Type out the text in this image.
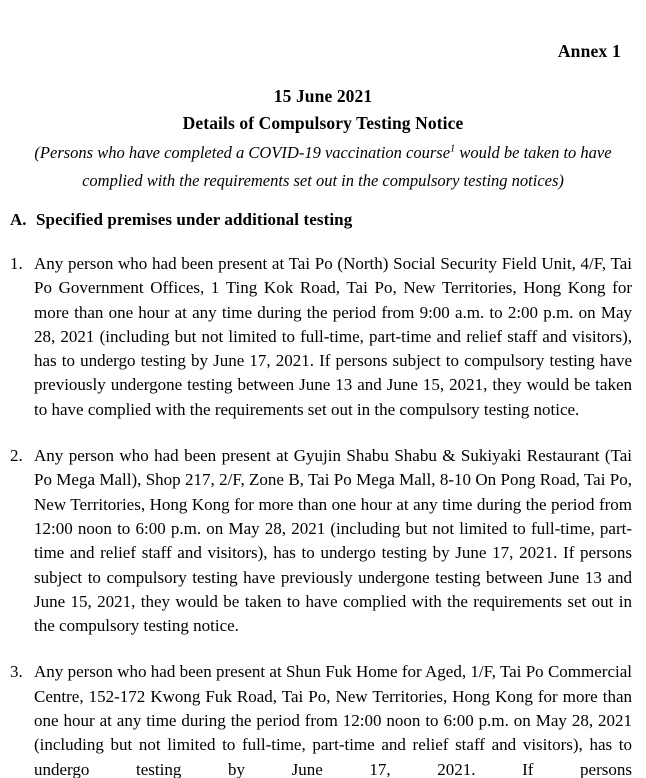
Annex 1
15 June 2021
Details of Compulsory Testing Notice
(Persons who have completed a COVID-19 vaccination course$^1$ would be taken to have complied with the requirements set out in the compulsory testing notices)
A. Specified premises under additional testing
1. Any person who had been present at Tai Po (North) Social Security Field Unit, 4/F, Tai Po Government Offices, 1 Ting Kok Road, Tai Po, New Territories, Hong Kong for more than one hour at any time during the period from 9:00 a.m. to 2:00 p.m. on May 28, 2021 (including but not limited to full-time, part-time and relief staff and visitors), has to undergo testing by June 17, 2021. If persons subject to compulsory testing have previously undergone testing between June 13 and June 15, 2021, they would be taken to have complied with the requirements set out in the compulsory testing notice.
2. Any person who had been present at Gyujin Shabu Shabu & Sukiyaki Restaurant (Tai Po Mega Mall), Shop 217, 2/F, Zone B, Tai Po Mega Mall, 8-10 On Pong Road, Tai Po, New Territories, Hong Kong for more than one hour at any time during the period from 12:00 noon to 6:00 p.m. on May 28, 2021 (including but not limited to full-time, part-time and relief staff and visitors), has to undergo testing by June 17, 2021. If persons subject to compulsory testing have previously undergone testing between June 13 and June 15, 2021, they would be taken to have complied with the requirements set out in the compulsory testing notice.
3. Any person who had been present at Shun Fuk Home for Aged, 1/F, Tai Po Commercial Centre, 152-172 Kwong Fuk Road, Tai Po, New Territories, Hong Kong for more than one hour at any time during the period from 12:00 noon to 6:00 p.m. on May 28, 2021 (including but not limited to full-time, part-time and relief staff and visitors), has to undergo testing by June 17, 2021. If persons
